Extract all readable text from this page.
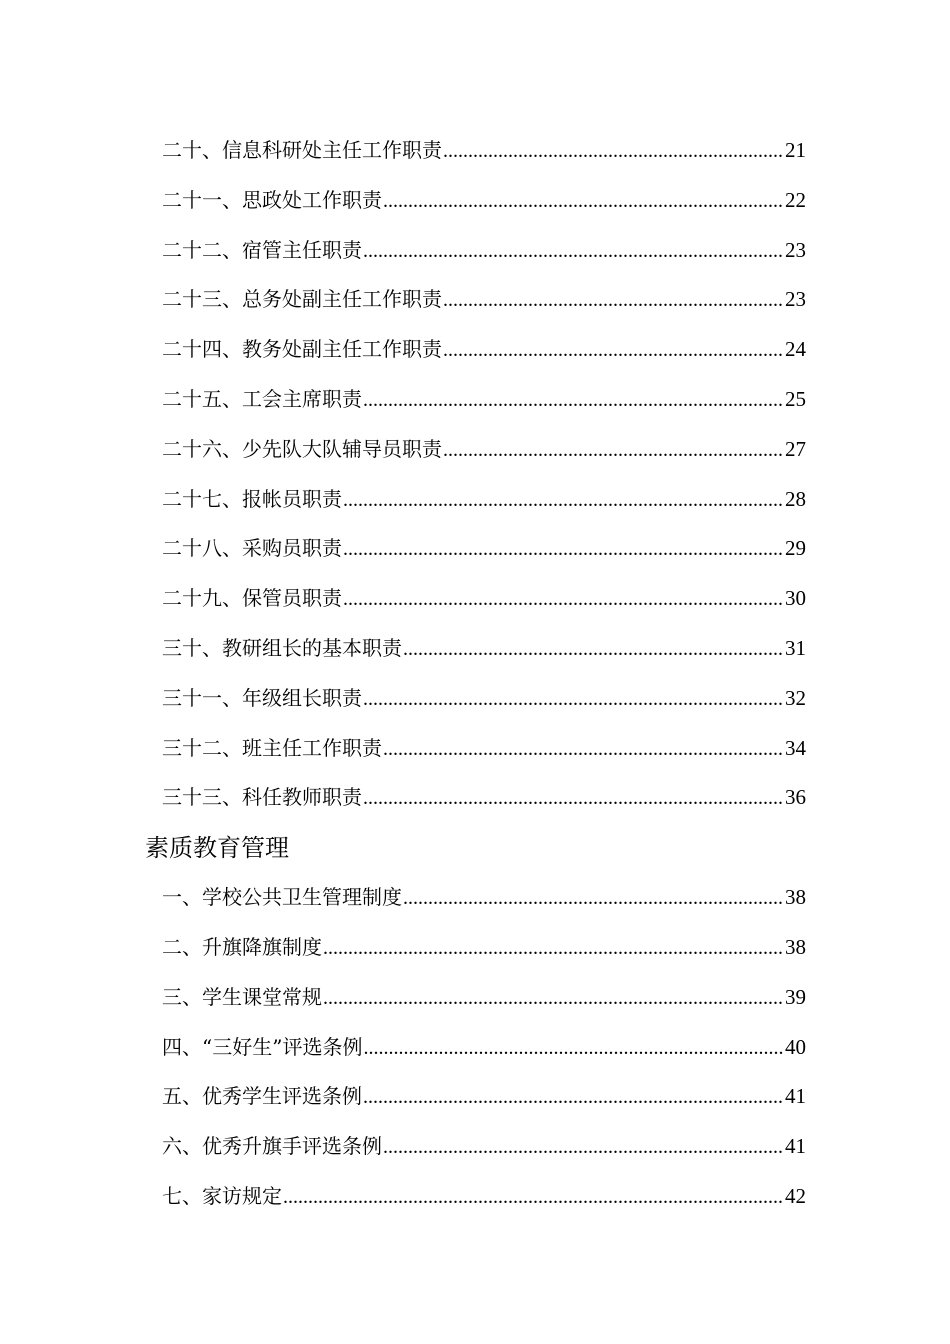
二十、信息科研处主任工作职责 .....	21
二十一、思政处工作职责 .....	22
二十二、宿管主任职责 .....	23
二十三、总务处副主任工作职责 .....	23
二十四、教务处副主任工作职责 .....	24
二十五、工会主席职责 .....	25
二十六、少先队大队辅导员职责 .....	27
二十七、报帐员职责 .....	28
二十八、采购员职责 .....	29
二十九、保管员职责 .....	30
三十、教研组长的基本职责 .....	31
三十一、年级组长职责 .....	32
三十二、班主任工作职责 .....	34
三十三、科任教师职责 .....	36
素质教育管理
一、学校公共卫生管理制度 .....	38
二、升旗降旗制度 .....	38
三、学生课堂常规 .....	39
四、“三好生”评选条例 .....	40
五、优秀学生评选条例 .....	41
六、优秀升旗手评选条例 .....	41
七、家访规定 .....	42
